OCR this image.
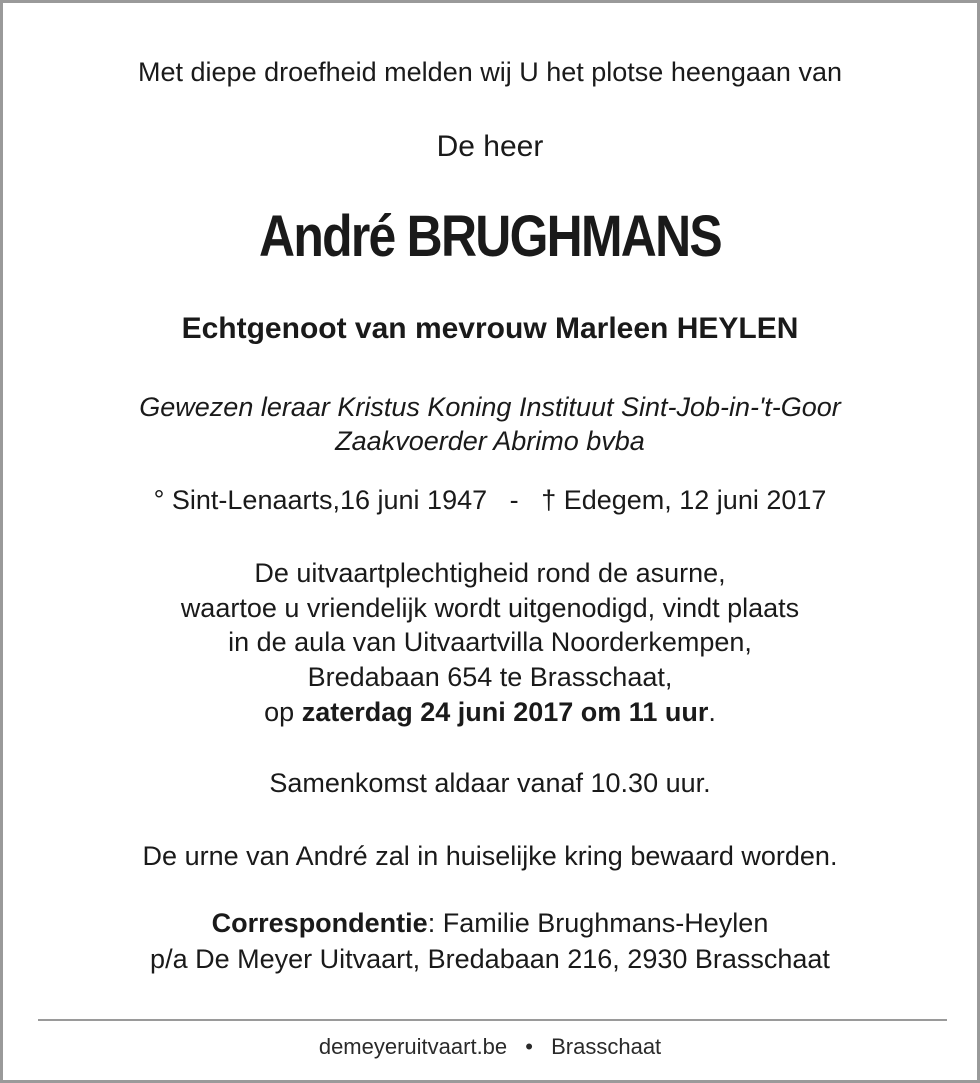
Met diepe droefheid melden wij U het plotse heengaan van
De heer
André BRUGHMANS
Echtgenoot van mevrouw Marleen HEYLEN
Gewezen leraar Kristus Koning Instituut Sint-Job-in-'t-Goor
Zaakvoerder Abrimo bvba
° Sint-Lenaarts,16 juni 1947 - † Edegem, 12 juni 2017
De uitvaartplechtigheid rond de asurne,
waartoe u vriendelijk wordt uitgenodigd, vindt plaats
in de aula van Uitvaartvilla Noorderkempen,
Bredabaan 654 te Brasschaat,
op zaterdag 24 juni 2017 om 11 uur.
Samenkomst aldaar vanaf 10.30 uur.
De urne van André zal in huiselijke kring bewaard worden.
Correspondentie: Familie Brughmans-Heylen
p/a De Meyer Uitvaart, Bredabaan 216, 2930 Brasschaat
demeyeruitvaart.be • Brasschaat
